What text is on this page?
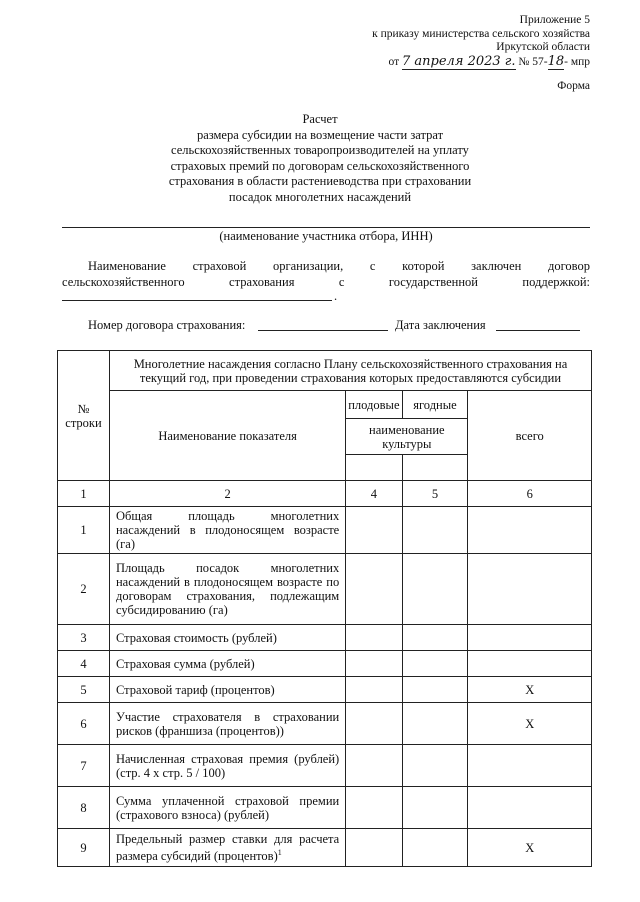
Приложение 5
к приказу министерства сельского хозяйства
Иркутской области
от 7 апреля 2023 г. № 57-18- мпр
Форма
Расчет
размера субсидии на возмещение части затрат
сельскохозяйственных товаропроизводителей на уплату
страховых премий по договорам сельскохозяйственного
страхования в области растениеводства при страховании
посадок многолетних насаждений
(наименование участника отбора, ИНН)
Наименование страховой организации, с которой заключен договор
сельскохозяйственного страхования с государственной поддержкой:
.
Номер договора страхования:	Дата заключения
№ строки	Многолетние насаждения согласно Плану сельскохозяйственного страхования на текущий год, при проведении страхования которых предоставляются субсидии			
	Наименование показателя	плодовые	ягодные	всего
		наименование культуры		

1	2	4	5	6
1	Общая площадь многолетних насаждений в плодоносящем возрасте (га)			
2	Площадь посадок многолетних насаждений в плодоносящем возрасте по договорам страхования, подлежащим субсидированию (га)			
3	Страховая стоимость (рублей)			
4	Страховая сумма (рублей)			
5	Страховой тариф (процентов)			X
6	Участие страхователя в страховании рисков (франшиза (процентов))			X
7	Начисленная страховая премия (рублей) (стр. 4 х стр. 5 / 100)			
8	Сумма уплаченной страховой премии (страхового взноса) (рублей)			
9	Предельный размер ставки для расчета размера субсидий (процентов)$^1$			X
